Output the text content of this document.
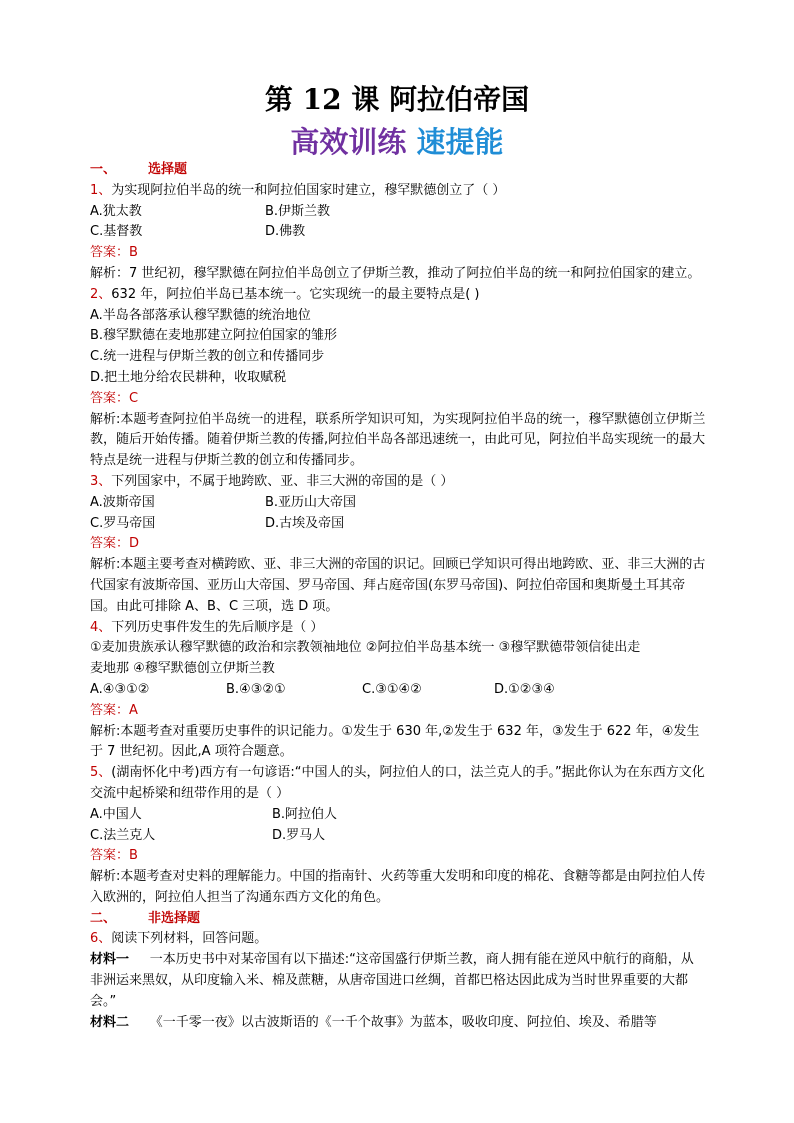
第 12 课 阿拉伯帝国
高效训练 速提能
一、 选择题
1、为实现阿拉伯半岛的统一和阿拉伯国家时建立，穆罕默德创立了（ ）
A.犹太教	B.伊斯兰教
C.基督教	D.佛教
答案：B
解析：7 世纪初，穆罕默德在阿拉伯半岛创立了伊斯兰教，推动了阿拉伯半岛的统一和阿拉伯国家的建立。
2、632 年，阿拉伯半岛已基本统一。它实现统一的最主要特点是( )
A.半岛各部落承认穆罕默德的统治地位
B.穆罕默德在麦地那建立阿拉伯国家的雏形
C.统一进程与伊斯兰教的创立和传播同步
D.把土地分给农民耕种，收取赋税
答案：C
解析:本题考查阿拉伯半岛统一的进程，联系所学知识可知，为实现阿拉伯半岛的统一，穆罕默德创立伊斯兰教，随后开始传播。随着伊斯兰教的传播,阿拉伯半岛各部迅速统一，由此可见，阿拉伯半岛实现统一的最大特点是统一进程与伊斯兰教的创立和传播同步。
3、下列国家中，不属于地跨欧、亚、非三大洲的帝国的是（ ）
A.波斯帝国	B.亚历山大帝国
C.罗马帝国	D.古埃及帝国
答案：D
解析:本题主要考查对横跨欧、亚、非三大洲的帝国的识记。回顾已学知识可得出地跨欧、亚、非三大洲的古代国家有波斯帝国、亚历山大帝国、罗马帝国、拜占庭帝国(东罗马帝国)、阿拉伯帝国和奥斯曼土耳其帝国。由此可排除 A、B、C 三项，选 D 项。
4、下列历史事件发生的先后顺序是（ ）
①麦加贵族承认穆罕默德的政治和宗教领袖地位 ②阿拉伯半岛基本统一 ③穆罕默德带领信徒出走
麦地那 ④穆罕默德创立伊斯兰教
A.④③①②	B.④③②①	C.③①④②	D.①②③④
答案：A
解析:本题考查对重要历史事件的识记能力。①发生于 630 年,②发生于 632 年，③发生于 622 年，④发生于 7 世纪初。因此,A 项符合题意。
5、(湖南怀化中考)西方有一句谚语:“中国人的头，阿拉伯人的口，法兰克人的手。”据此你认为在东西方文化交流中起桥梁和纽带作用的是（ ）
A.中国人	B.阿拉伯人
C.法兰克人	D.罗马人
答案：B
解析:本题考查对史料的理解能力。中国的指南针、火药等重大发明和印度的棉花、食糖等都是由阿拉伯人传入欧洲的，阿拉伯人担当了沟通东西方文化的角色。
二、 非选择题
6、阅读下列材料，回答问题。
材料一 一本历史书中对某帝国有以下描述:“这帝国盛行伊斯兰教，商人拥有能在逆风中航行的商船，从非洲运来黑奴，从印度输入米、棉及蔗糖，从唐帝国进口丝绸，首都巴格达因此成为当时世界重要的大都会。”
材料二 《一千零一夜》以古波斯语的《一千个故事》为蓝本，吸收印度、阿拉伯、埃及、希腊等
